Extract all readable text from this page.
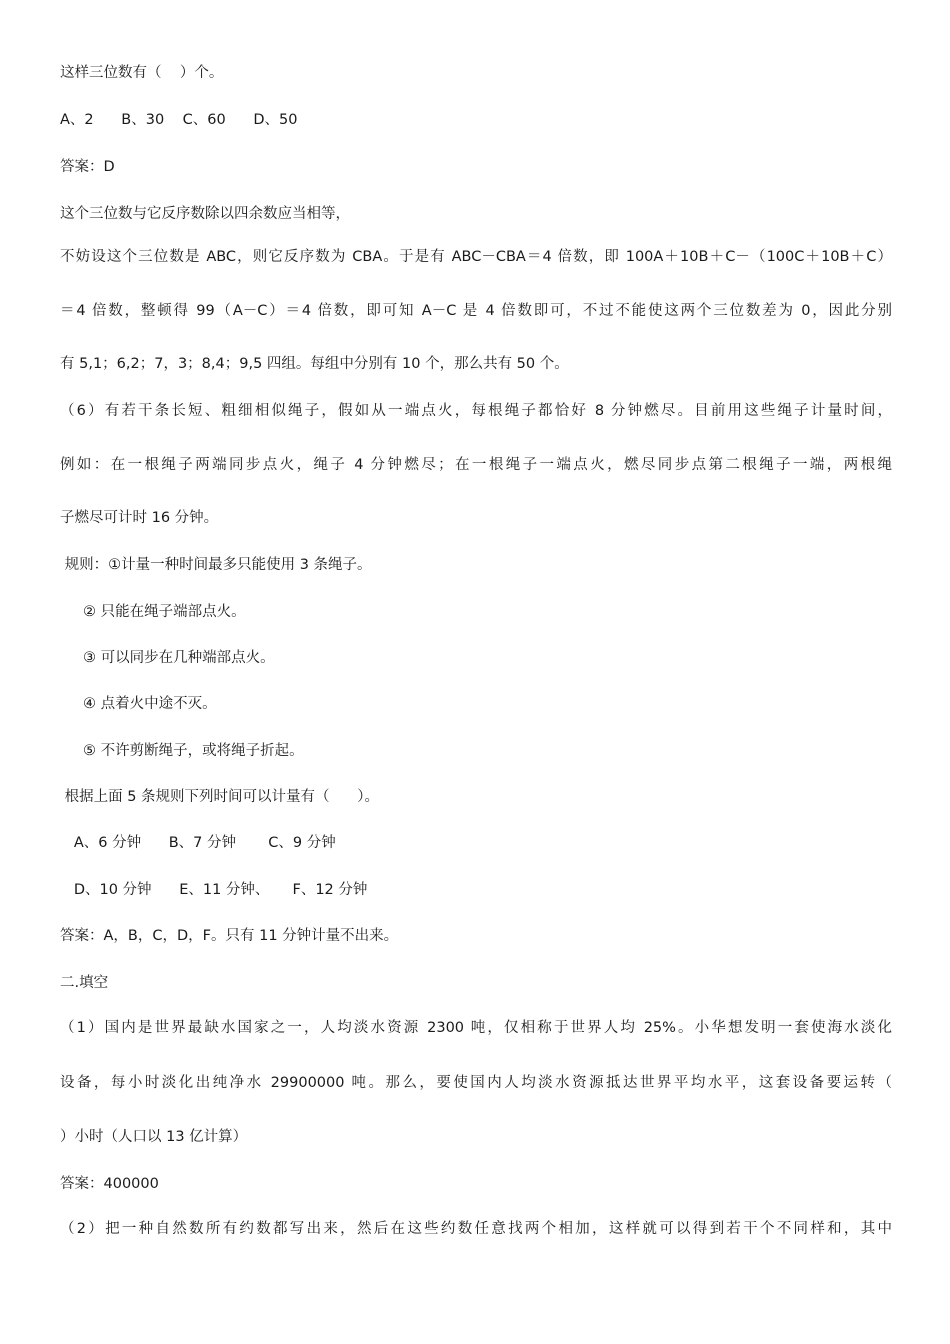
这样三位数有（    ）个。
A、2      B、30    C、60      D、50
答案：D
这个三位数与它反序数除以四余数应当相等，
不妨设这个三位数是 ABC，则它反序数为 CBA。于是有 ABC－CBA＝4 倍数，即 100A＋10B＋C－（100C＋10B＋C）
＝4 倍数，整顿得 99（A－C）＝4 倍数，即可知 A－C 是 4 倍数即可，不过不能使这两个三位数差为 0，因此分别
有 5,1；6,2；7，3；8,4；9,5 四组。每组中分别有 10 个，那么共有 50 个。
（6）有若干条长短、粗细相似绳子，假如从一端点火，每根绳子都恰好 8 分钟燃尽。目前用这些绳子计量时间，
例如：在一根绳子两端同步点火，绳子 4 分钟燃尽；在一根绳子一端点火，燃尽同步点第二根绳子一端，两根绳
子燃尽可计时 16 分钟。
规则：①计量一种时间最多只能使用 3 条绳子。
② 只能在绳子端部点火。
③ 可以同步在几种端部点火。
④ 点着火中途不灭。
⑤ 不许剪断绳子，或将绳子折起。
根据上面 5 条规则下列时间可以计量有（      ）。
A、6 分钟      B、7 分钟       C、9 分钟
D、10 分钟      E、11 分钟、     F、12 分钟
答案：A，B，C，D，F。只有 11 分钟计量不出来。
二.填空
（1）国内是世界最缺水国家之一，人均淡水资源 2300 吨，仅相称于世界人均 25%。小华想发明一套使海水淡化
设备，每小时淡化出纯净水 29900000 吨。那么，要使国内人均淡水资源抵达世界平均水平，这套设备要运转（
）小时（人口以 13 亿计算）
答案：400000
（2）把一种自然数所有约数都写出来，然后在这些约数任意找两个相加，这样就可以得到若干个不同样和，其中
